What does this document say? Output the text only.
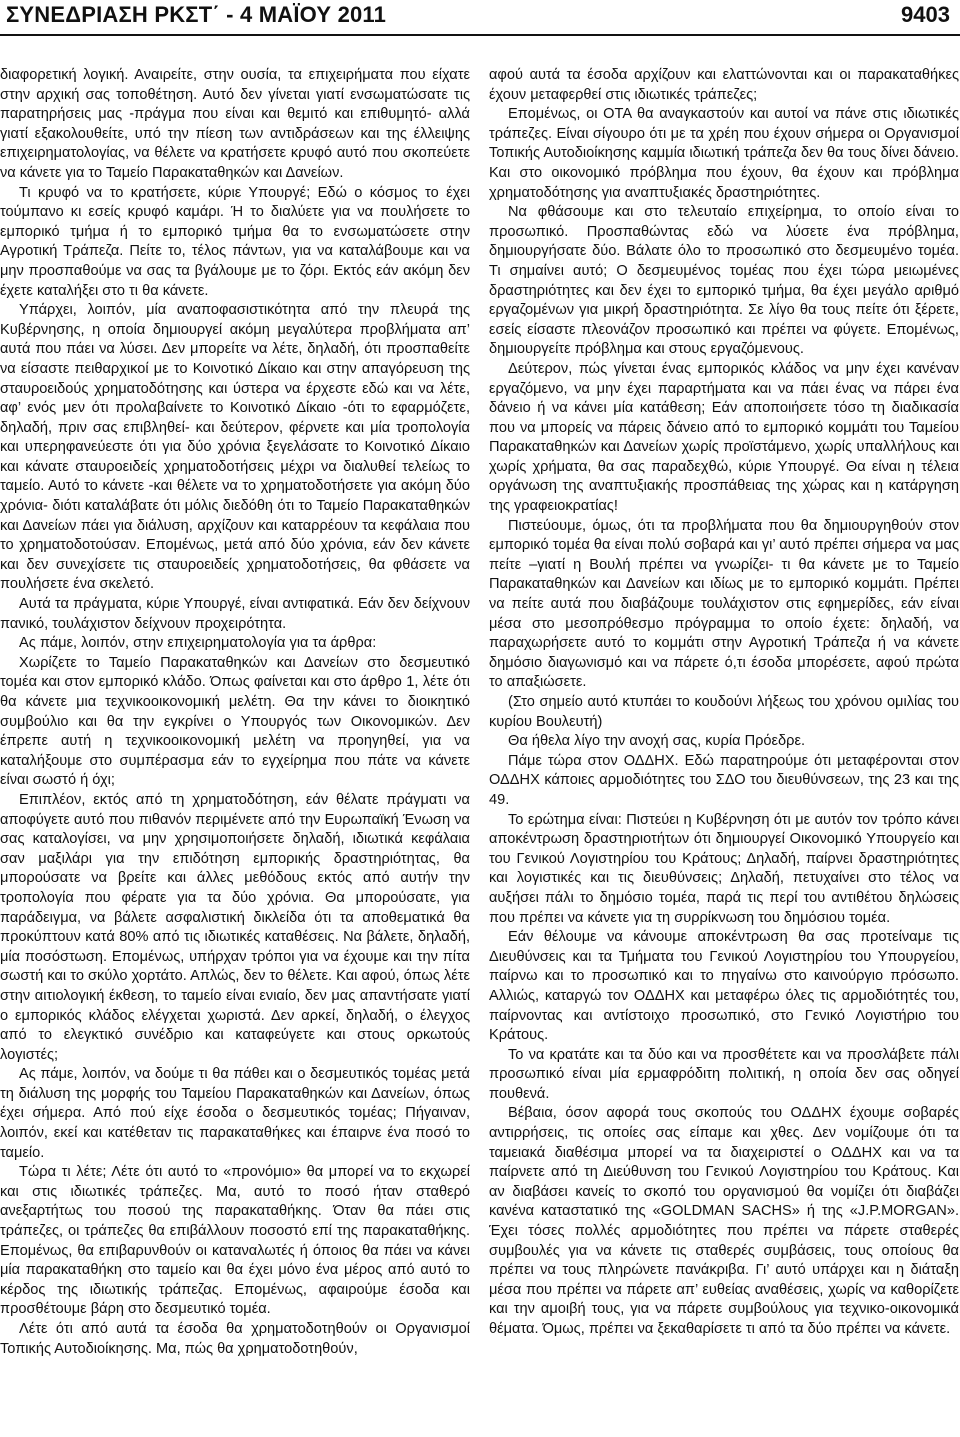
ΣΥΝΕΔΡΙΑΣΗ ΡΚΣΤ΄ - 4 ΜΑΪΟΥ 2011	9403

διαφορετική λογική. Αναιρείτε, στην ουσία, τα επιχειρήματα που είχατε στην αρχική σας τοποθέτηση. Αυτό δεν γίνεται γιατί ενσωματώσατε τις παρατηρήσεις μας -πράγμα που είναι και θεμιτό και επιθυμητό- αλλά γιατί εξακολουθείτε, υπό την πίεση των αντιδράσεων και της έλλειψης επιχειρηματολογίας, να θέλετε να κρατήσετε κρυφό αυτό που σκοπεύετε να κάνετε για το Ταμείο Παρακαταθηκών και Δανείων.

Τι κρυφό να το κρατήσετε, κύριε Υπουργέ; Εδώ ο κόσμος το έχει τούμπανο κι εσείς κρυφό καμάρι. Ή το διαλύετε για να πουλήσετε το εμπορικό τμήμα ή το εμπορικό τμήμα θα το ενσωματώσετε στην Αγροτική Τράπεζα. Πείτε το, τέλος πάντων, για να καταλάβουμε και να μην προσπαθούμε να σας τα βγάλουμε με το ζόρι. Εκτός εάν ακόμη δεν έχετε καταλήξει στο τι θα κάνετε.

Υπάρχει, λοιπόν, μία αναποφασιστικότητα από την πλευρά της Κυβέρνησης, η οποία δημιουργεί ακόμη μεγαλύτερα προβλήματα απ’ αυτά που πάει να λύσει. Δεν μπορείτε να λέτε, δηλαδή, ότι προσπαθείτε να είσαστε πειθαρχικοί με το Κοινοτικό Δίκαιο και στην απαγόρευση της σταυροειδούς χρηματοδότησης και ύστερα να έρχεστε εδώ και να λέτε, αφ’ ενός μεν ότι προλαβαίνετε το Κοινοτικό Δίκαιο -ότι το εφαρμόζετε, δηλαδή, πριν σας επιβληθεί- και δεύτερον, φέρνετε και μία τροπολογία και υπερηφανεύεστε ότι για δύο χρόνια ξεγελάσατε το Κοινοτικό Δίκαιο και κάνατε σταυροειδείς χρηματοδοτήσεις μέχρι να διαλυθεί τελείως το ταμείο. Αυτό το κάνετε -και θέλετε να το χρηματοδοτήσετε για ακόμη δύο χρόνια- διότι καταλάβατε ότι μόλις διεδόθη ότι το Ταμείο Παρακαταθηκών και Δανείων πάει για διάλυση, αρχίζουν και καταρρέουν τα κεφάλαια που το χρηματοδοτούσαν. Επομένως, μετά από δύο χρόνια, εάν δεν κάνετε και δεν συνεχίσετε τις σταυροειδείς χρηματοδοτήσεις, θα φθάσετε να πουλήσετε ένα σκελετό.

Αυτά τα πράγματα, κύριε Υπουργέ, είναι αντιφατικά. Εάν δεν δείχνουν πανικό, τουλάχιστον δείχνουν προχειρότητα.

Ας πάμε, λοιπόν, στην επιχειρηματολογία για τα άρθρα:

Χωρίζετε το Ταμείο Παρακαταθηκών και Δανείων στο δεσμευτικό τομέα και στον εμπορικό κλάδο. Όπως φαίνεται και στο άρθρο 1, λέτε ότι θα κάνετε μια τεχνικοοικονομική μελέτη. Θα την κάνει το διοικητικό συμβούλιο και θα την εγκρίνει ο Υπουργός των Οικονομικών. Δεν έπρεπε αυτή η τεχνικοοικονομική μελέτη να προηγηθεί, για να καταλήξουμε στο συμπέρασμα εάν το εγχείρημα που πάτε να κάνετε είναι σωστό ή όχι;

Επιπλέον, εκτός από τη χρηματοδότηση, εάν θέλατε πράγματι να αποφύγετε αυτό που πιθανόν περιμένετε από την Ευρωπαϊκή Ένωση να σας καταλογίσει, να μην χρησιμοποιήσετε δηλαδή, ιδιωτικά κεφάλαια σαν μαξιλάρι για την επιδότηση εμπορικής δραστηριότητας, θα μπορούσατε να βρείτε και άλλες μεθόδους εκτός από αυτήν την τροπολογία που φέρατε για τα δύο χρόνια. Θα μπορούσατε, για παράδειγμα, να βάλετε ασφαλιστική δικλείδα ότι τα αποθεματικά θα προκύπτουν κατά 80% από τις ιδιωτικές καταθέσεις. Να βάλετε, δηλαδή, μία ποσόστωση. Επομένως, υπήρχαν τρόποι για να έχουμε και την πίτα σωστή και το σκύλο χορτάτο. Απλώς, δεν το θέλετε. Και αφού, όπως λέτε στην αιτιολογική έκθεση, το ταμείο είναι ενιαίο, δεν μας απαντήσατε γιατί ο εμπορικός κλάδος ελέγχεται χωριστά. Δεν αρκεί, δηλαδή, ο έλεγχος από το ελεγκτικό συνέδριο και καταφεύγετε και στους ορκωτούς λογιστές;

Ας πάμε, λοιπόν, να δούμε τι θα πάθει και ο δεσμευτικός τομέας μετά τη διάλυση της μορφής του Ταμείου Παρακαταθηκών και Δανείων, όπως έχει σήμερα. Από πού είχε έσοδα ο δεσμευτικός τομέας; Πήγαιναν, λοιπόν, εκεί και κατέθεταν τις παρακαταθήκες και έπαιρνε ένα ποσό το ταμείο.

Τώρα τι λέτε; Λέτε ότι αυτό το «προνόμιο» θα μπορεί να το εκχωρεί και στις ιδιωτικές τράπεζες. Μα, αυτό το ποσό ήταν σταθερό ανεξαρτήτως του ποσού της παρακαταθήκης. Όταν θα πάει στις τράπεζες, οι τράπεζες θα επιβάλλουν ποσοστό επί της παρακαταθήκης. Επομένως, θα επιβαρυνθούν οι καταναλωτές ή όποιος θα πάει να κάνει μία παρακαταθήκη στο ταμείο και θα έχει μόνο ένα μέρος από αυτό το κέρδος της ιδιωτικής τράπεζας. Επομένως, αφαιρούμε έσοδα και προσθέτουμε βάρη στο δεσμευτικό τομέα.

Λέτε ότι από αυτά τα έσοδα θα χρηματοδοτηθούν οι Οργανισμοί Τοπικής Αυτοδιοίκησης. Μα, πώς θα χρηματοδοτηθούν,

αφού αυτά τα έσοδα αρχίζουν και ελαττώνονται και οι παρακαταθήκες έχουν μεταφερθεί στις ιδιωτικές τράπεζες;

Επομένως, οι ΟΤΑ θα αναγκαστούν και αυτοί να πάνε στις ιδιωτικές τράπεζες. Είναι σίγουρο ότι με τα χρέη που έχουν σήμερα οι Οργανισμοί Τοπικής Αυτοδιοίκησης καμμία ιδιωτική τράπεζα δεν θα τους δίνει δάνειο. Και στο οικονομικό πρόβλημα που έχουν, θα έχουν και πρόβλημα χρηματοδότησης για αναπτυξιακές δραστηριότητες.

Να φθάσουμε και στο τελευταίο επιχείρημα, το οποίο είναι το προσωπικό. Προσπαθώντας εδώ να λύσετε ένα πρόβλημα, δημιουργήσατε δύο. Βάλατε όλο το προσωπικό στο δεσμευμένο τομέα. Τι σημαίνει αυτό; Ο δεσμευμένος τομέας που έχει τώρα μειωμένες δραστηριότητες και δεν έχει το εμπορικό τμήμα, θα έχει μεγάλο αριθμό εργαζομένων για μικρή δραστηριότητα. Σε λίγο θα τους πείτε ότι ξέρετε, εσείς είσαστε πλεονάζον προσωπικό και πρέπει να φύγετε. Επομένως, δημιουργείτε πρόβλημα και στους εργαζόμενους.

Δεύτερον, πώς γίνεται ένας εμπορικός κλάδος να μην έχει κανέναν εργαζόμενο, να μην έχει παραρτήματα και να πάει ένας να πάρει ένα δάνειο ή να κάνει μία κατάθεση; Εάν αποποιήσετε τόσο τη διαδικασία που να μπορείς να πάρεις δάνειο από το εμπορικό κομμάτι του Ταμείου Παρακαταθηκών και Δανείων χωρίς προϊστάμενο, χωρίς υπαλλήλους και χωρίς χρήματα, θα σας παραδεχθώ, κύριε Υπουργέ. Θα είναι η τέλεια οργάνωση της αναπτυξιακής προσπάθειας της χώρας και η κατάργηση της γραφειοκρατίας!

Πιστεύουμε, όμως, ότι τα προβλήματα που θα δημιουργηθούν στον εμπορικό τομέα θα είναι πολύ σοβαρά και γι’ αυτό πρέπει σήμερα να μας πείτε –γιατί η Βουλή πρέπει να γνωρίζει- τι θα κάνετε με το Ταμείο Παρακαταθηκών και Δανείων και ιδίως με το εμπορικό κομμάτι. Πρέπει να πείτε αυτά που διαβάζουμε τουλάχιστον στις εφημερίδες, εάν είναι μέσα στο μεσοπρόθεσμο πρόγραμμα το οποίο έχετε: δηλαδή, να παραχωρήσετε αυτό το κομμάτι στην Αγροτική Τράπεζα ή να κάνετε δημόσιο διαγωνισμό και να πάρετε ό,τι έσοδα μπορέσετε, αφού πρώτα το απαξιώσετε.

(Στο σημείο αυτό κτυπάει το κουδούνι λήξεως του χρόνου ομιλίας του κυρίου Βουλευτή)

Θα ήθελα λίγο την ανοχή σας, κυρία Πρόεδρε.

Πάμε τώρα στον ΟΔΔΗΧ. Εδώ παρατηρούμε ότι μεταφέρονται στον ΟΔΔΗΧ κάποιες αρμοδιότητες του ΣΔΟ του διευθύνσεων, της 23 και της 49.

Το ερώτημα είναι: Πιστεύει η Κυβέρνηση ότι με αυτόν τον τρόπο κάνει αποκέντρωση δραστηριοτήτων ότι δημιουργεί Οικονομικό Υπουργείο και του Γενικού Λογιστηρίου του Κράτους; Δηλαδή, παίρνει δραστηριότητες και λογιστικές και τις διευθύνσεις; Δηλαδή, πετυχαίνει στο τέλος να αυξήσει πάλι το δημόσιο τομέα, παρά τις περί του αντιθέτου δηλώσεις που πρέπει να κάνετε για τη συρρίκνωση του δημόσιου τομέα.

Εάν θέλουμε να κάνουμε αποκέντρωση θα σας προτείναμε τις Διευθύνσεις και τα Τμήματα του Γενικού Λογιστηρίου του Υπουργείου, παίρνω και το προσωπικό και το πηγαίνω στο καινούργιο πρόσωπο. Αλλιώς, καταργώ τον ΟΔΔΗΧ και μεταφέρω όλες τις αρμοδιότητές του, παίρνοντας και αντίστοιχο προσωπικό, στο Γενικό Λογιστήριο του Κράτους.

Το να κρατάτε και τα δύο και να προσθέτετε και να προσλάβετε πάλι προσωπικό είναι μία ερμαφρόδιτη πολιτική, η οποία δεν σας οδηγεί πουθενά.

Βέβαια, όσον αφορά τους σκοπούς του ΟΔΔΗΧ έχουμε σοβαρές αντιρρήσεις, τις οποίες σας είπαμε και χθες. Δεν νομίζουμε ότι τα ταμειακά διαθέσιμα μπορεί να τα διαχειριστεί ο ΟΔΔΗΧ και να τα παίρνετε από τη Διεύθυνση του Γενικού Λογιστηρίου του Κράτους. Και αν διαβάσει κανείς το σκοπό του οργανισμού θα νομίζει ότι διαβάζει κανένα καταστατικό της «GOLDMAN SACHS» ή της «J.P.MORGAN». Έχει τόσες πολλές αρμοδιότητες που πρέπει να πάρετε σταθερές συμβουλές για να κάνετε τις σταθερές συμβάσεις, τους οποίους θα πρέπει να τους πληρώνετε πανάκριβα. Γι’ αυτό υπάρχει και η διάταξη μέσα που πρέπει να πάρετε απ’ ευθείας αναθέσεις, χωρίς να καθορίζετε και την αμοιβή τους, για να πάρετε συμβούλους για τεχνικο-οικονομικά θέματα. Όμως, πρέπει να ξεκαθαρίσετε τι από τα δύο πρέπει να κάνετε.
